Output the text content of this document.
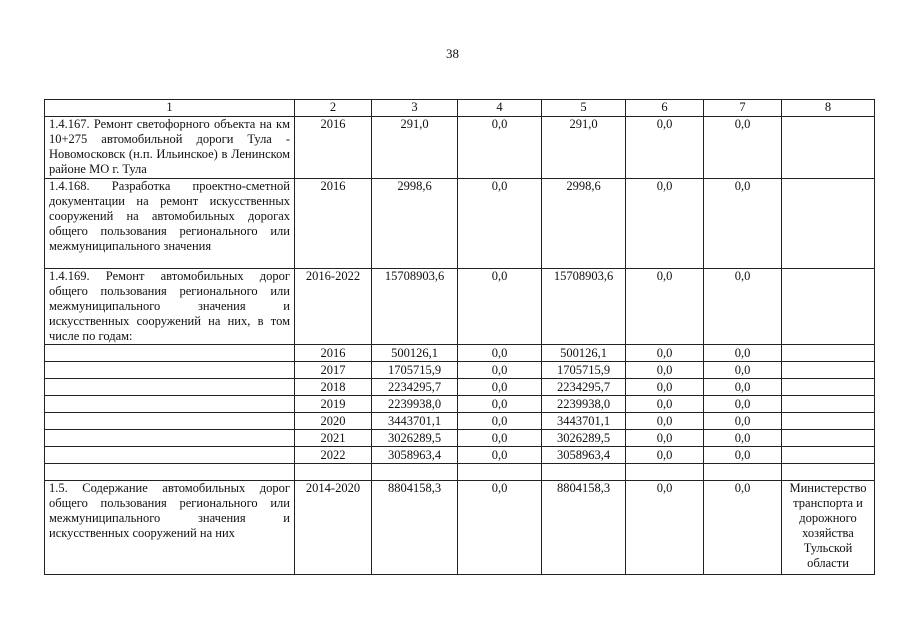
38
1	2	3	4	5	6	7	8
1.4.167. Ремонт светофорного объекта на км 10+275 автомобильной дороги Тула - Новомосковск (н.п. Ильинское) в Ленинском районе МО г. Тула	2016	291,0	0,0	291,0	0,0	0,0	
1.4.168. Разработка проектно-сметной документации на ремонт искусственных сооружений на автомобильных дорогах общего пользования регионального или межмуниципального значения	2016	2998,6	0,0	2998,6	0,0	0,0	
1.4.169. Ремонт автомобильных дорог общего пользования регионального или межмуниципального значения и искусственных сооружений на них, в том числе по годам:	2016-2022	15708903,6	0,0	15708903,6	0,0	0,0	
	2016	500126,1	0,0	500126,1	0,0	0,0	
	2017	1705715,9	0,0	1705715,9	0,0	0,0	
	2018	2234295,7	0,0	2234295,7	0,0	0,0	
	2019	2239938,0	0,0	2239938,0	0,0	0,0	
	2020	3443701,1	0,0	3443701,1	0,0	0,0	
	2021	3026289,5	0,0	3026289,5	0,0	0,0	
	2022	3058963,4	0,0	3058963,4	0,0	0,0	

1.5. Содержание автомобильных дорог общего пользования регионального или межмуниципального значения и искусственных сооружений на них	2014-2020	8804158,3	0,0	8804158,3	0,0	0,0	Министерство транспорта и дорожного хозяйства Тульской области
